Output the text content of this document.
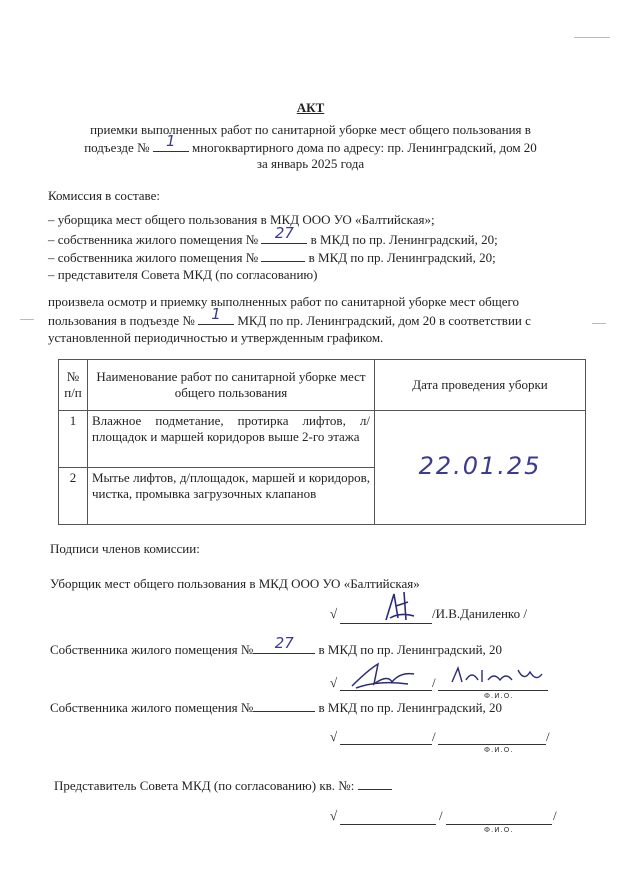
АКТ
приемки выполненных работ по санитарной уборке мест общего пользования в
подъезде №	1	многоквартирного дома по адресу: пр. Ленинградский, дом 20
за январь 2025 года
Комиссия в составе:
– уборщика мест общего пользования в МКД ООО УО «Балтийская»;
– собственника жилого помещения №	27	в МКД по пр. Ленинградский, 20;
– собственника жилого помещения №	в МКД по пр. Ленинградский, 20;
– представителя Совета МКД (по согласованию)
произвела осмотр и приемку выполненных работ по санитарной уборке мест общего
пользования в подъезде №	1	МКД по пр. Ленинградский, дом 20 в соответствии с
установленной периодичностью и утвержденным графиком.
№ п/п	Наименование работ по санитарной уборке мест общего пользования	Дата проведения уборки
1	Влажное подметание, протирка лифтов, л/площадок и маршей коридоров выше 2-го этажа	22.01.25
2	Мытье лифтов, д/площадок, маршей и коридоров, чистка, промывка загрузочных клапанов	
Подписи членов комиссии:
Уборщик мест общего пользования в МКД ООО УО «Балтийская»
√	/И.В.Даниленко /
Собственника жилого помещения №	27	в МКД по пр. Ленинградский, 20
√	/
Ф.И.О.
Собственника жилого помещения №	в МКД по пр. Ленинградский, 20
√	/	/
Ф.И.О.
Представитель Совета МКД (по согласованию) кв. №:
√	/	/
Ф.И.О.
